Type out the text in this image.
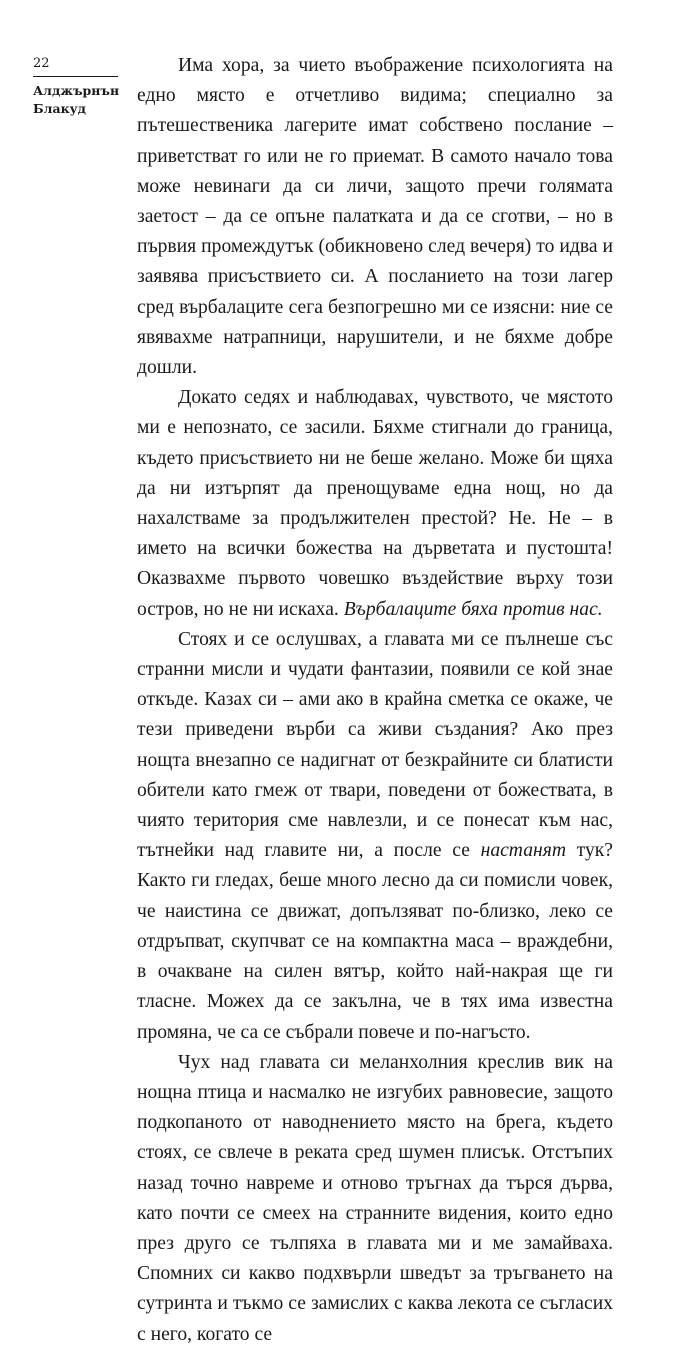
22
Алджърнън
Блакуд

Има хора, за чието въображение психологията на едно място е отчетливо видима; специално за пътешественика лагерите имат собствено послание – приветстват го или не го приемат. В самото начало това може невинаги да си личи, защото пречи голямата заетост – да се опъне палатката и да се сготви, – но в първия промеждутък (обикновено след вечеря) то идва и заявява присъствието си. А посланието на този лагер сред върбалаците сега безпогрешно ми се изясни: ние се явявахме натрапници, нарушители, и не бяхме добре дошли.

Докато седях и наблюдавах, чувството, че мястото ми е непознато, се засили. Бяхме стигнали до граница, където присъствието ни не беше желано. Може би щяха да ни изтърпят да пренощуваме една нощ, но да нахалстваме за продължителен престой? Не. Не – в името на всички божества на дърветата и пустошта! Оказвахме първото човешко въздействие върху този остров, но не ни искаха. Върбалаците бяха против нас.

Стоях и се ослушвах, а главата ми се пълнеше със странни мисли и чудати фантазии, появили се кой знае откъде. Казах си – ами ако в крайна сметка се окаже, че тези приведени върби са живи създания? Ако през нощта внезапно се надигнат от безкрайните си блатисти обители като гмеж от твари, поведени от божествата, в чиято територия сме навлезли, и се понесат към нас, тътнейки над главите ни, а после се настанят тук? Както ги гледах, беше много лесно да си помисли човек, че наистина се движат, допълзяват по-близко, леко се отдръпват, скупчват се на компактна маса – враждебни, в очакване на силен вятър, който най-накрая ще ги тласне. Можех да се закълна, че в тях има известна промяна, че са се събрали повече и по-нагъсто.

Чух над главата си меланхолния креслив вик на нощна птица и насмалко не изгубих равновесие, защото подкопаното от наводнението място на брега, където стоях, се свлече в реката сред шумен плисък. Отстъпих назад точно навреме и отново тръгнах да търся дърва, като почти се смеех на странните видения, които едно през друго се тълпяха в главата ми и ме замайваха. Спомних си какво подхвърли шведът за тръгването на сутринта и тъкмо се замислих с каква лекота се съгласих с него, когато се
